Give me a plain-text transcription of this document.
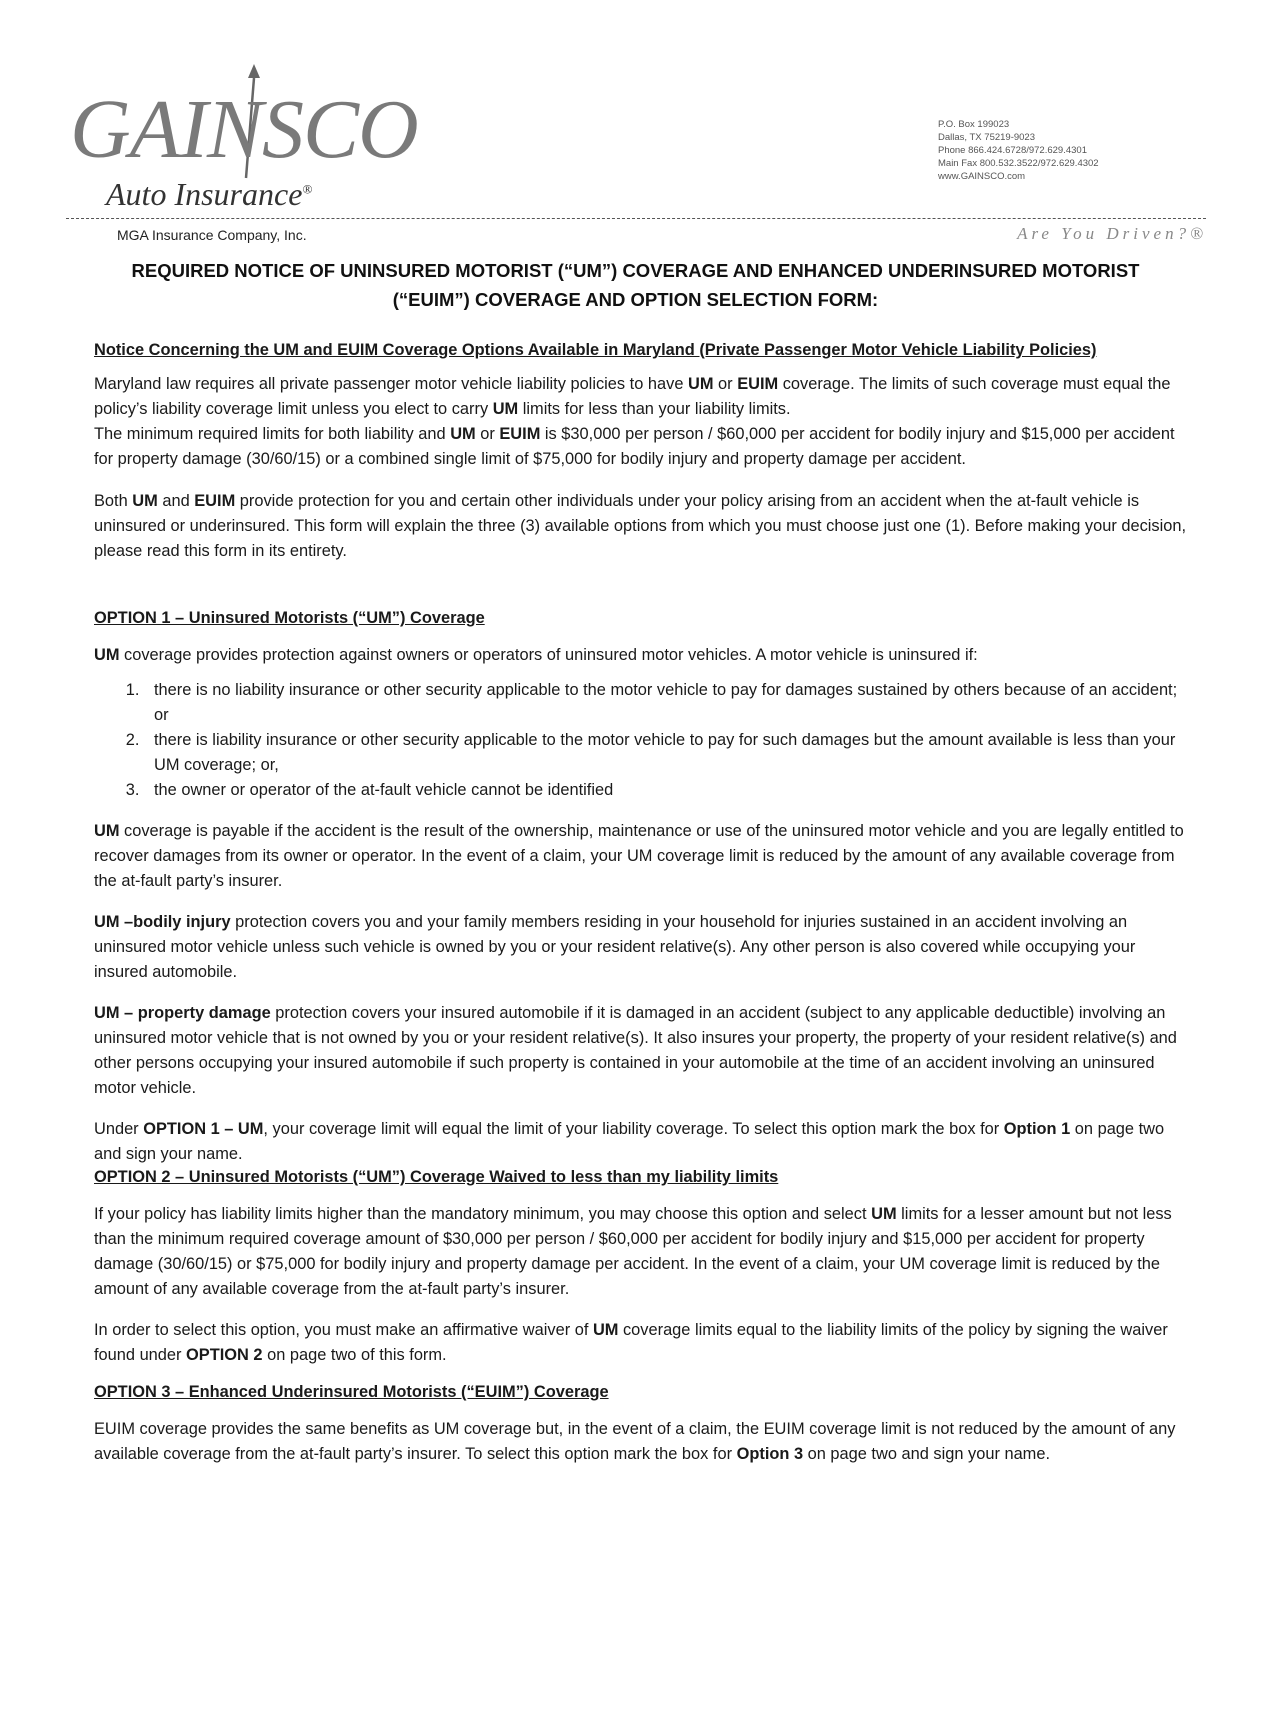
GAINSCO
Auto Insurance®
P.O. Box 199023
Dallas, TX 75219-9023
Phone 866.424.6728/972.629.4301
Main Fax 800.532.3522/972.629.4302
www.GAINSCO.com
MGA Insurance Company, Inc.	Are You Driven?®
REQUIRED NOTICE OF UNINSURED MOTORIST (“UM”) COVERAGE AND ENHANCED UNDERINSURED MOTORIST
(“EUIM”) COVERAGE AND OPTION SELECTION FORM:

Notice Concerning the UM and EUIM Coverage Options Available in Maryland (Private Passenger Motor Vehicle Liability Policies)

Maryland law requires all private passenger motor vehicle liability policies to have UM or EUIM coverage. The limits of such coverage must equal the policy’s liability coverage limit unless you elect to carry UM limits for less than your liability limits.
The minimum required limits for both liability and UM or EUIM is $30,000 per person / $60,000 per accident for bodily injury and $15,000 per accident for property damage (30/60/15) or a combined single limit of $75,000 for bodily injury and property damage per accident.

Both UM and EUIM provide protection for you and certain other individuals under your policy arising from an accident when the at-fault vehicle is uninsured or underinsured. This form will explain the three (3) available options from which you must choose just one (1). Before making your decision, please read this form in its entirety.

OPTION 1 – Uninsured Motorists (“UM”) Coverage

UM coverage provides protection against owners or operators of uninsured motor vehicles. A motor vehicle is uninsured if:

1. there is no liability insurance or other security applicable to the motor vehicle to pay for damages sustained by others because of an accident; or
2. there is liability insurance or other security applicable to the motor vehicle to pay for such damages but the amount available is less than your UM coverage; or,
3. the owner or operator of the at-fault vehicle cannot be identified

UM coverage is payable if the accident is the result of the ownership, maintenance or use of the uninsured motor vehicle and you are legally entitled to recover damages from its owner or operator. In the event of a claim, your UM coverage limit is reduced by the amount of any available coverage from the at-fault party’s insurer.

UM –bodily injury protection covers you and your family members residing in your household for injuries sustained in an accident involving an uninsured motor vehicle unless such vehicle is owned by you or your resident relative(s). Any other person is also covered while occupying your insured automobile.

UM – property damage protection covers your insured automobile if it is damaged in an accident (subject to any applicable deductible) involving an uninsured motor vehicle that is not owned by you or your resident relative(s). It also insures your property, the property of your resident relative(s) and other persons occupying your insured automobile if such property is contained in your automobile at the time of an accident involving an uninsured motor vehicle.

Under OPTION 1 – UM, your coverage limit will equal the limit of your liability coverage. To select this option mark the box for Option 1 on page two and sign your name.

OPTION 2 – Uninsured Motorists (“UM”) Coverage Waived to less than my liability limits

If your policy has liability limits higher than the mandatory minimum, you may choose this option and select UM limits for a lesser amount but not less than the minimum required coverage amount of $30,000 per person / $60,000 per accident for bodily injury and $15,000 per accident for property damage (30/60/15) or $75,000 for bodily injury and property damage per accident. In the event of a claim, your UM coverage limit is reduced by the amount of any available coverage from the at-fault party’s insurer.

In order to select this option, you must make an affirmative waiver of UM coverage limits equal to the liability limits of the policy by signing the waiver found under OPTION 2 on page two of this form.

OPTION 3 – Enhanced Underinsured Motorists (“EUIM”) Coverage

EUIM coverage provides the same benefits as UM coverage but, in the event of a claim, the EUIM coverage limit is not reduced by the amount of any available coverage from the at-fault party’s insurer. To select this option mark the box for Option 3 on page two and sign your name.
